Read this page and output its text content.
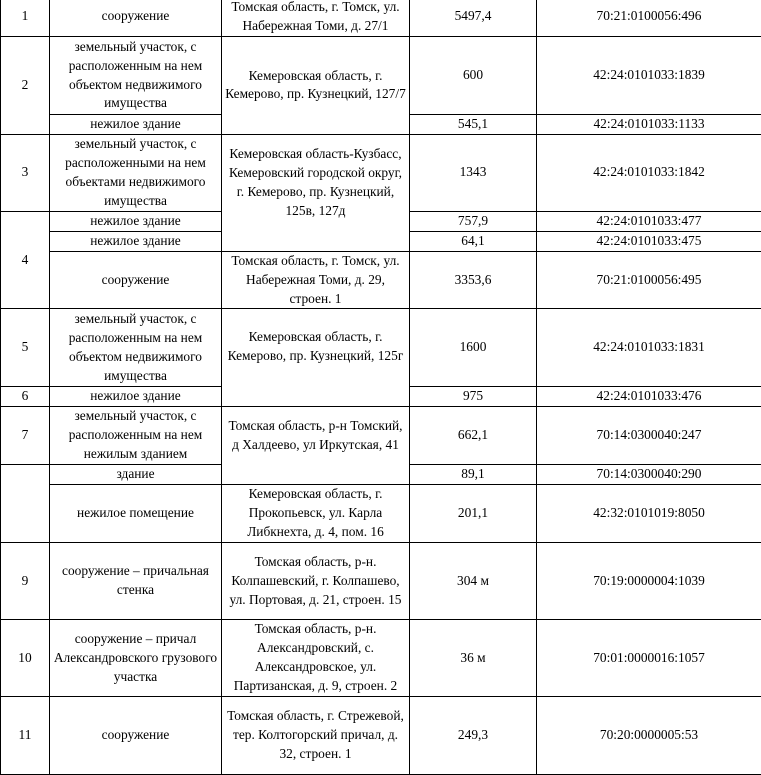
1	сооружение	Томская область, г. Томск, ул. Набережная Томи, д. 27/1	5497,4	70:21:0100056:496
2	земельный участок, с расположенным на нем объектом недвижимого имущества	Кемеровская область, г. Кемерово, пр. Кузнецкий, 127/7	600	42:24:0101033:1839
	нежилое здание		545,1	42:24:0101033:1133
3	земельный участок, с расположенными на нем объектами недвижимого имущества	Кемеровская область-Кузбасс, Кемеровский городской округ, г. Кемерово, пр. Кузнецкий, 125в, 127д	1343	42:24:0101033:1842
4	нежилое здание		757,9	42:24:0101033:477
	нежилое здание		64,1	42:24:0101033:475
	сооружение	Томская область, г. Томск, ул. Набережная Томи, д. 29, строен. 1	3353,6	70:21:0100056:495
5	земельный участок, с расположенным на нем объектом недвижимого имущества	Кемеровская область, г. Кемерово, пр. Кузнецкий, 125г	1600	42:24:0101033:1831
6	нежилое здание		975	42:24:0101033:476
7	земельный участок, с расположенным на нем нежилым зданием	Томская область, р-н Томский, д Халдеево, ул Иркутская, 41	662,1	70:14:0300040:247
	здание		89,1	70:14:0300040:290
	нежилое помещение	Кемеровская область, г. Прокопьевск, ул. Карла Либкнехта, д. 4, пом. 16	201,1	42:32:0101019:8050
9	сооружение – причальная стенка	Томская область, р-н. Колпашевский, г. Колпашево, ул. Портовая, д. 21, строен. 15	304 м	70:19:0000004:1039
10	сооружение – причал Александровского грузового участка	Томская область, р-н. Александровский, с. Александровское, ул. Партизанская, д. 9, строен. 2	36 м	70:01:0000016:1057
11	сооружение	Томская область, г. Стрежевой, тер. Колтогорский причал, д. 32, строен. 1	249,3	70:20:0000005:53
